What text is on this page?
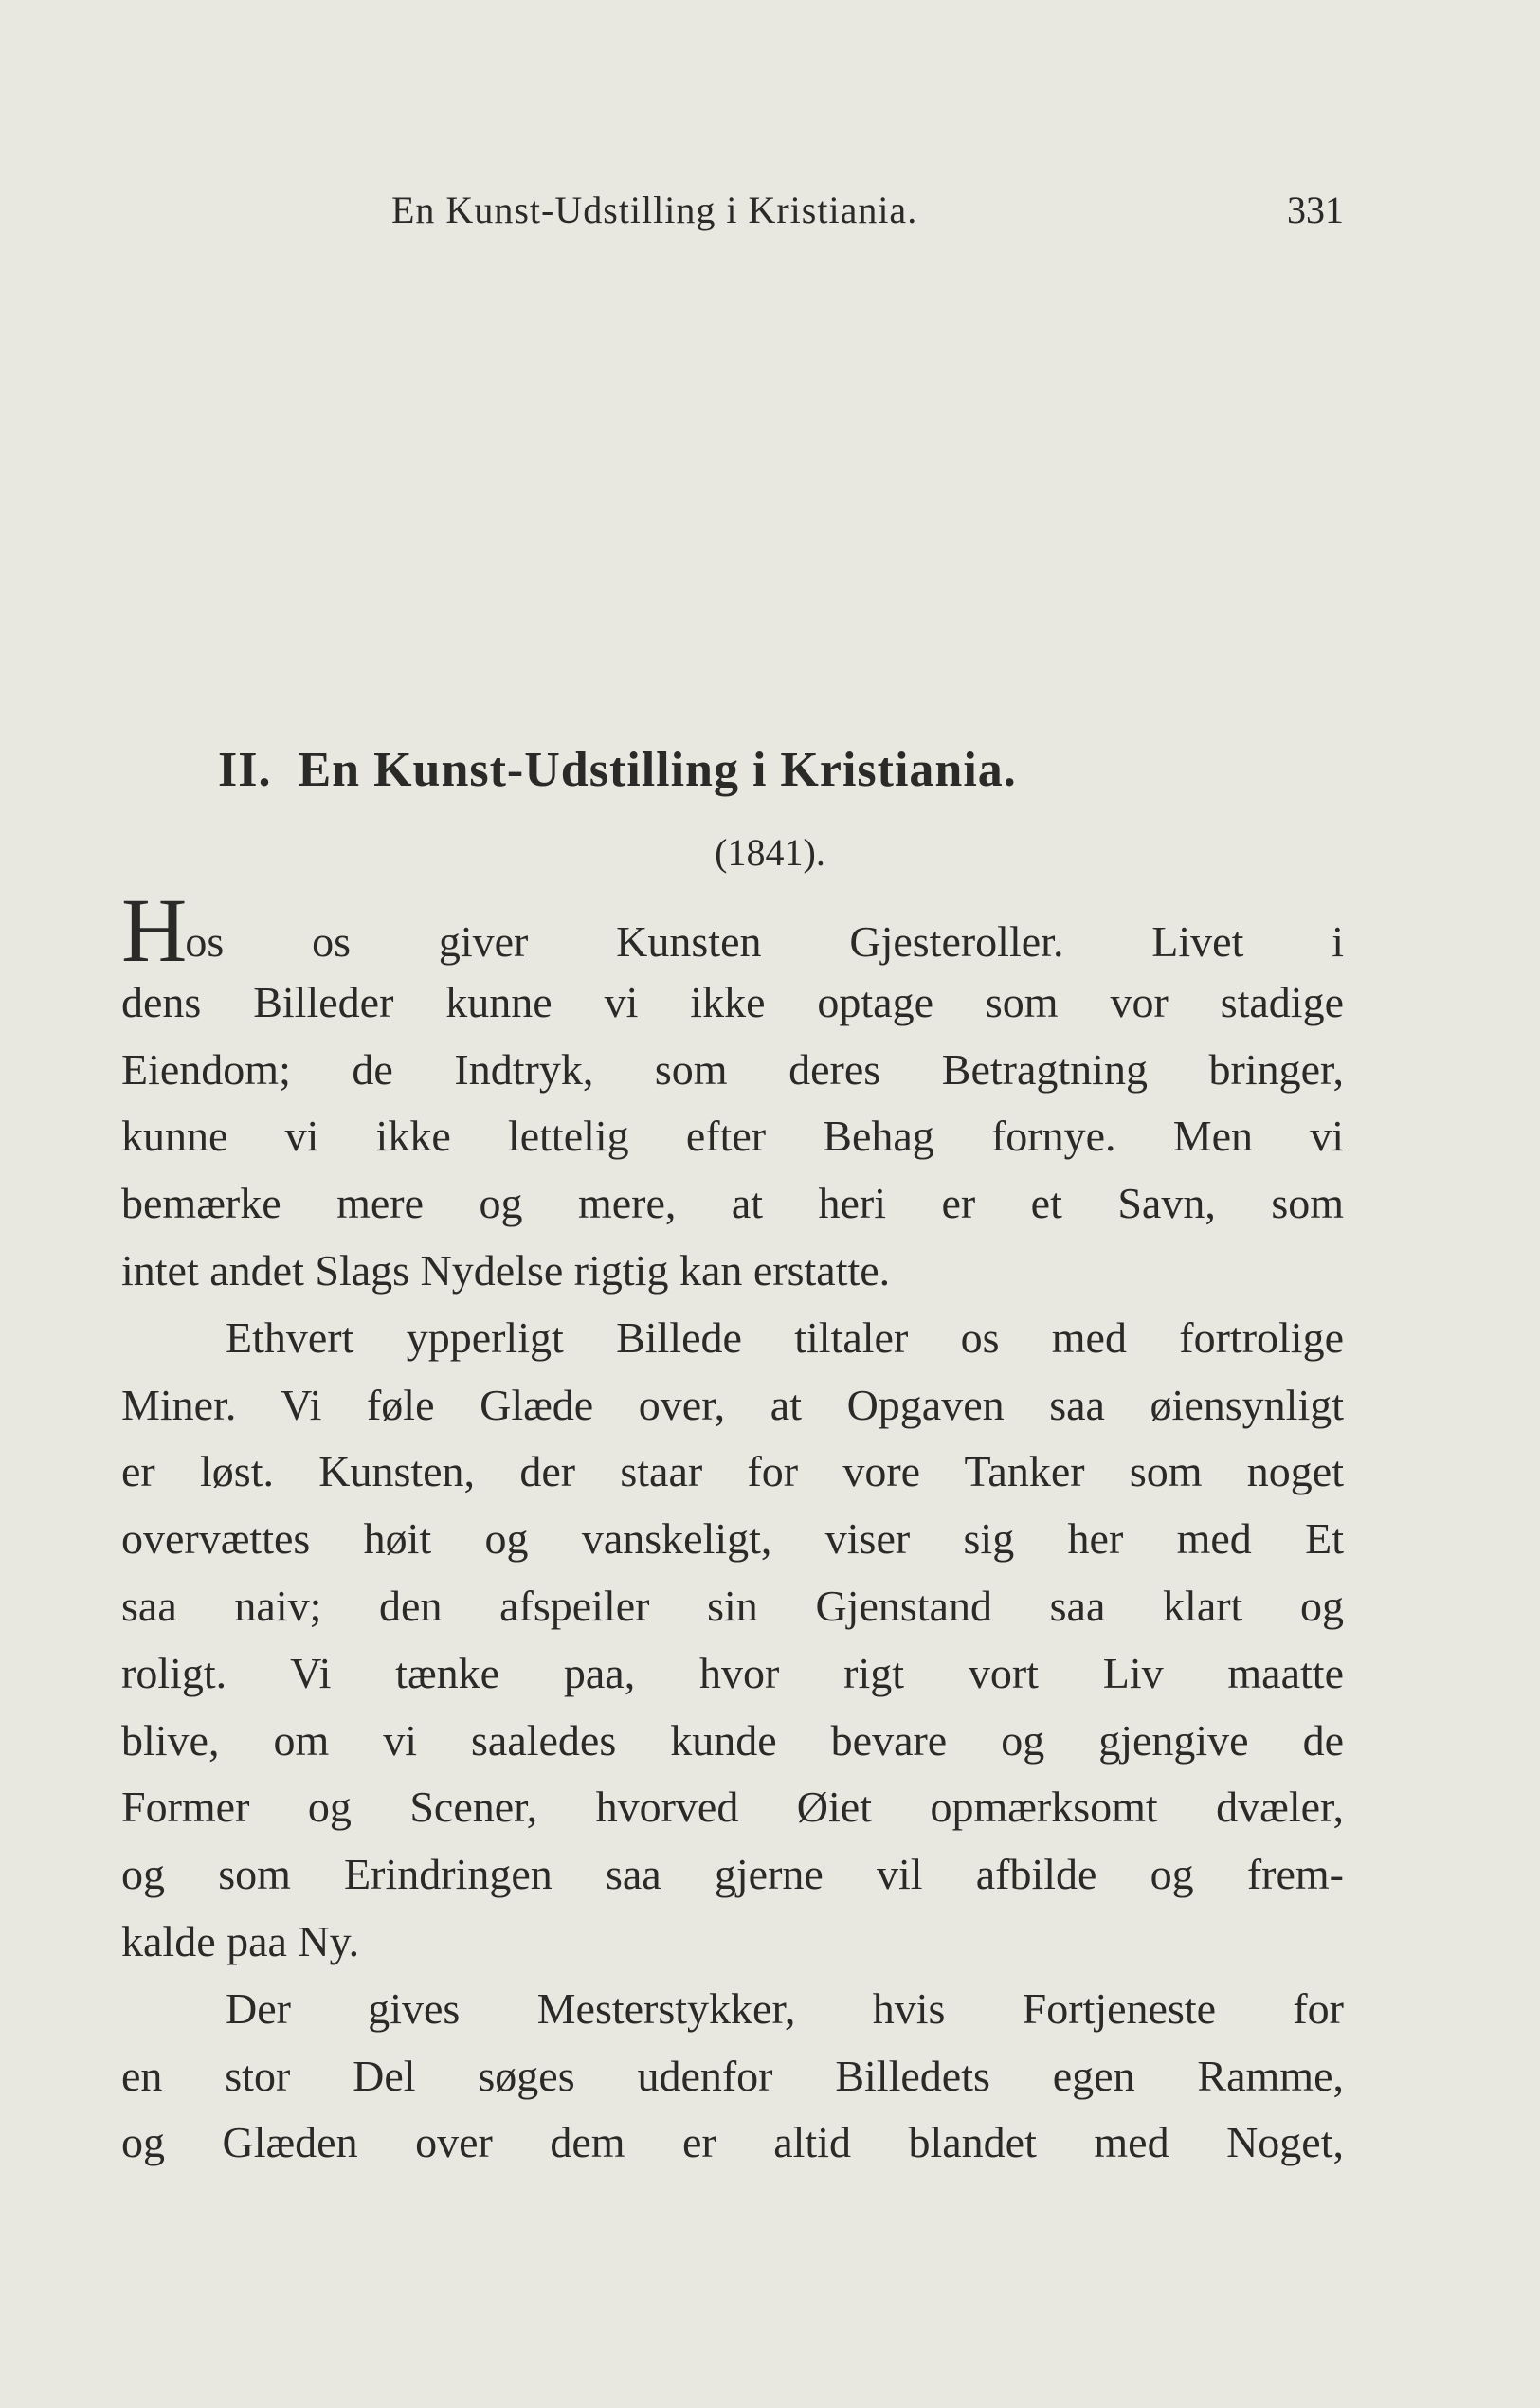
En Kunst-Udstilling i Kristiania.	331
II. En Kunst-Udstilling i Kristiania.
(1841).
Hos os giver Kunsten Gjesteroller. Livet i
dens Billeder kunne vi ikke optage som vor stadige
Eiendom; de Indtryk, som deres Betragtning bringer,
kunne vi ikke lettelig efter Behag fornye. Men vi
bemærke mere og mere, at heri er et Savn, som
intet andet Slags Nydelse rigtig kan erstatte.
Ethvert ypperligt Billede tiltaler os med fortrolige
Miner. Vi føle Glæde over, at Opgaven saa øiensynligt
er løst. Kunsten, der staar for vore Tanker som noget
overvættes høit og vanskeligt, viser sig her med Et
saa naiv; den afspeiler sin Gjenstand saa klart og
roligt. Vi tænke paa, hvor rigt vort Liv maatte
blive, om vi saaledes kunde bevare og gjengive de
Former og Scener, hvorved Øiet opmærksomt dvæler,
og som Erindringen saa gjerne vil afbilde og frem-
kalde paa Ny.
Der gives Mesterstykker, hvis Fortjeneste for
en stor Del søges udenfor Billedets egen Ramme,
og Glæden over dem er altid blandet med Noget,
